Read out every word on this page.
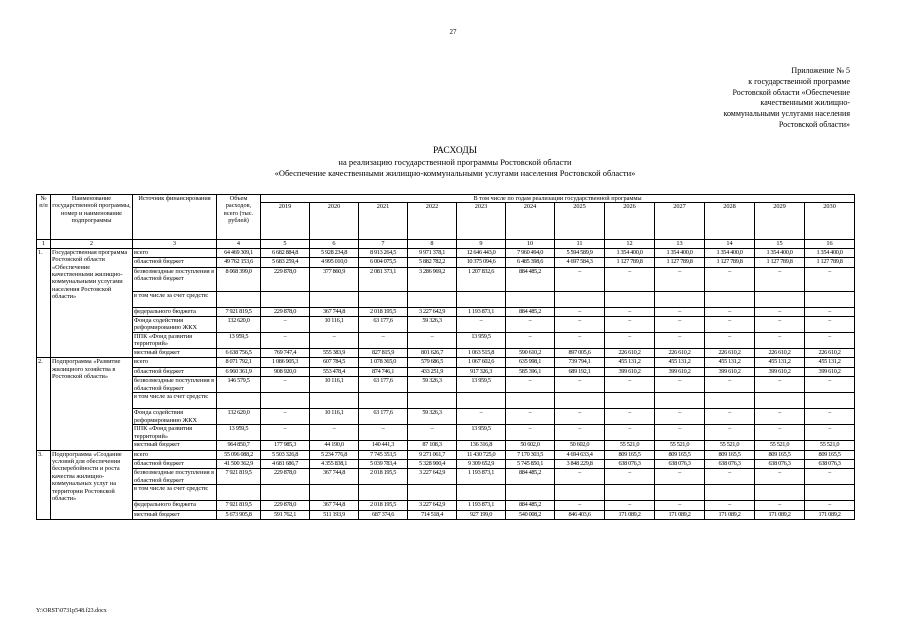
27
Приложение № 5
к государственной программе
Ростовской области «Обеспечение
качественными жилищно-
коммунальными услугами населения
Ростовской области»
РАСХОДЫ
на реализацию государственной программы Ростовской области
«Обеспечение качественными жилищно-коммунальными услугами населения Ростовской области»
№ п/п	Наименование государственной программы, номер и наименование подпрограммы	Источник финансирования	Объем расходов, всего (тыс. рублей)	В том числе по годам реализации государственной программы											
				2019	2020	2021	2022	2023	2024	2025	2026	2027	2028	2029	2030
1	2	3	4	5	6	7	8	9	10	11	12	13	14	15	16
1.	Государственная программа Ростовской области «Обеспечение качественными жилищно-коммунальными услугами населения Ростовской области»	всего	64 469 309,1	6 682 884,8	5 928 234,8	8 913 264,5	9 971 378,1	12 646 443,0	7 960 494,0	5 594 589,9	1 354 400,0	1 354 400,0	1 354 400,0	1 354 400,0	1 354 400,0
		областной бюджет	49 762 153,6	5 683 259,4	4 995 010,0	6 004 075,5	5 882 782,2	10 375 094,6	6 485 398,6	4 697 584,3	1 127 789,8	1 127 789,8	1 127 789,8	1 127 789,8	1 127 789,8
		безвозмездные поступления в областной бюджет	8 068 399,0	229 878,0	377 860,9	2 081 373,1	3 286 969,2	1 207 832,6	884 485,2	–	–	–	–	–	–
		в том числе за счет средств:													
		федерального бюджета	7 921 819,5	229 878,0	367 744,8	2 018 195,5	3 227 642,9	1 193 873,1	884 485,2	–	–	–	–	–	–
		Фонда содействия реформированию ЖКХ	132 620,0	–	10 116,1	63 177,6	59 326,3	–	–	–	–	–	–	–	–
		ППК «Фонд развития территорий»	13 959,5	–	–	–	–	13 959,5	–	–	–	–	–	–	–
		местный бюджет	6 638 756,5	769 747,4	555 383,9	827 815,9	801 626,7	1 063 515,8	590 610,2	897 005,6	226 610,2	226 610,2	226 610,2	226 610,2	226 610,2
2.	Подпрограмма «Развитие жилищного хозяйства в Ростовской области»	всего	8 071 792,1	1 086 905,3	607 784,5	1 078 365,0	579 686,5	1 067 602,6	635 998,1	739 794,1	455 131,2	455 131,2	455 131,2	455 131,2	455 131,2
		областной бюджет	6 960 361,9	908 920,0	553 478,4	874 746,1	433 251,9	917 326,3	585 396,1	689 192,1	399 610,2	399 610,2	399 610,2	399 610,2	399 610,2
		безвозмездные поступления в областной бюджет	146 579,5	–	10 116,1	63 177,6	59 326,3	13 959,5	–	–	–	–	–	–	–
		в том числе за счет средств:													
		Фонда содействия реформированию ЖКХ	132 620,0	–	10 116,1	63 177,6	59 326,3	–	–	–	–	–	–	–	–
		ППК «Фонд развития территорий»	13 959,5	–	–	–	–	13 959,5	–	–	–	–	–	–	–
		местный бюджет	964 850,7	177 985,3	44 190,0	140 441,3	87 108,3	136 316,8	50 602,0	50 602,0	55 521,0	55 521,0	55 521,0	55 521,0	55 521,0
3.	Подпрограмма «Создание условий для обеспечения бесперебойности и роста качества жилищно-коммунальных услуг на территории Ростовской области»	всего	55 096 088,2	5 503 326,8	5 234 776,8	7 745 353,5	9 271 061,7	11 430 725,0	7 170 303,5	4 694 633,4	809 165,5	809 165,5	809 165,5	809 165,5	809 165,5
		областной бюджет	41 500 362,9	4 681 686,7	4 355 838,1	5 039 783,4	5 328 900,4	9 309 652,9	5 745 850,1	3 848 229,8	638 076,3	638 076,3	638 076,3	638 076,3	638 076,3
		безвозмездные поступления в областной бюджет	7 921 819,5	229 878,0	367 744,8	2 018 195,5	3 227 642,9	1 193 873,1	884 485,2	–	–	–	–	–	–
		в том числе за счет средств:													
		федерального бюджета	7 921 819,5	229 878,0	367 744,8	2 018 195,5	3 227 642,9	1 193 873,1	884 485,2	–	–	–	–	–	–
		местный бюджет	5 673 905,8	591 762,1	511 193,9	687 374,6	714 518,4	927 199,0	540 008,2	846 403,6	171 089,2	171 089,2	171 089,2	171 089,2	171 089,2
Y:\ORST\0731p548.f23.docx
